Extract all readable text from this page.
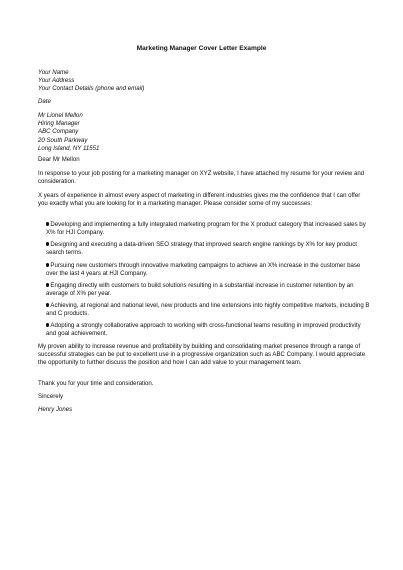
Marketing Manager Cover Letter Example
Your Name
Your Address
Your Contact Details (phone and email)
Date
Mr Lionel Mellon
Hiring Manager
ABC Company
20 South Parkway
Long Island, NY 11551
Dear Mr Mellon

In response to your job posting for a marketing manager on XYZ website, I have attached my resume for your review and consideration.

X years of experience in almost every aspect of marketing in different industries gives me the confidence that I can offer you exactly what you are looking for in a marketing manager. Please consider some of my successes:

Developing and implementing a fully integrated marketing program for the X product category that increased sales by X% for HJI Company.
Designing and executing a data-driven SEO strategy that improved search engine rankings by X% for key product search terms.
Pursuing new customers through innovative marketing campaigns to achieve an X% increase in the customer base over the last 4 years at HJI Company.
Engaging directly with customers to build solutions resulting in a substantial increase in customer retention by an average of X% per year.
Achieving, at regional and national level, new products and line extensions into highly competitive markets, including B and C products.
Adopting a strongly collaborative approach to working with cross-functional teams resulting in improved productivity and goal achievement.

My proven ability to increase revenue and profitability by building and consolidating market presence through a range of successful strategies can be put to excellent use in a progressive organization such as ABC Company. I would appreciate the opportunity to further discuss the position and how I can add value to your management team.

Thank you for your time and consideration.

Sincerely
Henry Jones
